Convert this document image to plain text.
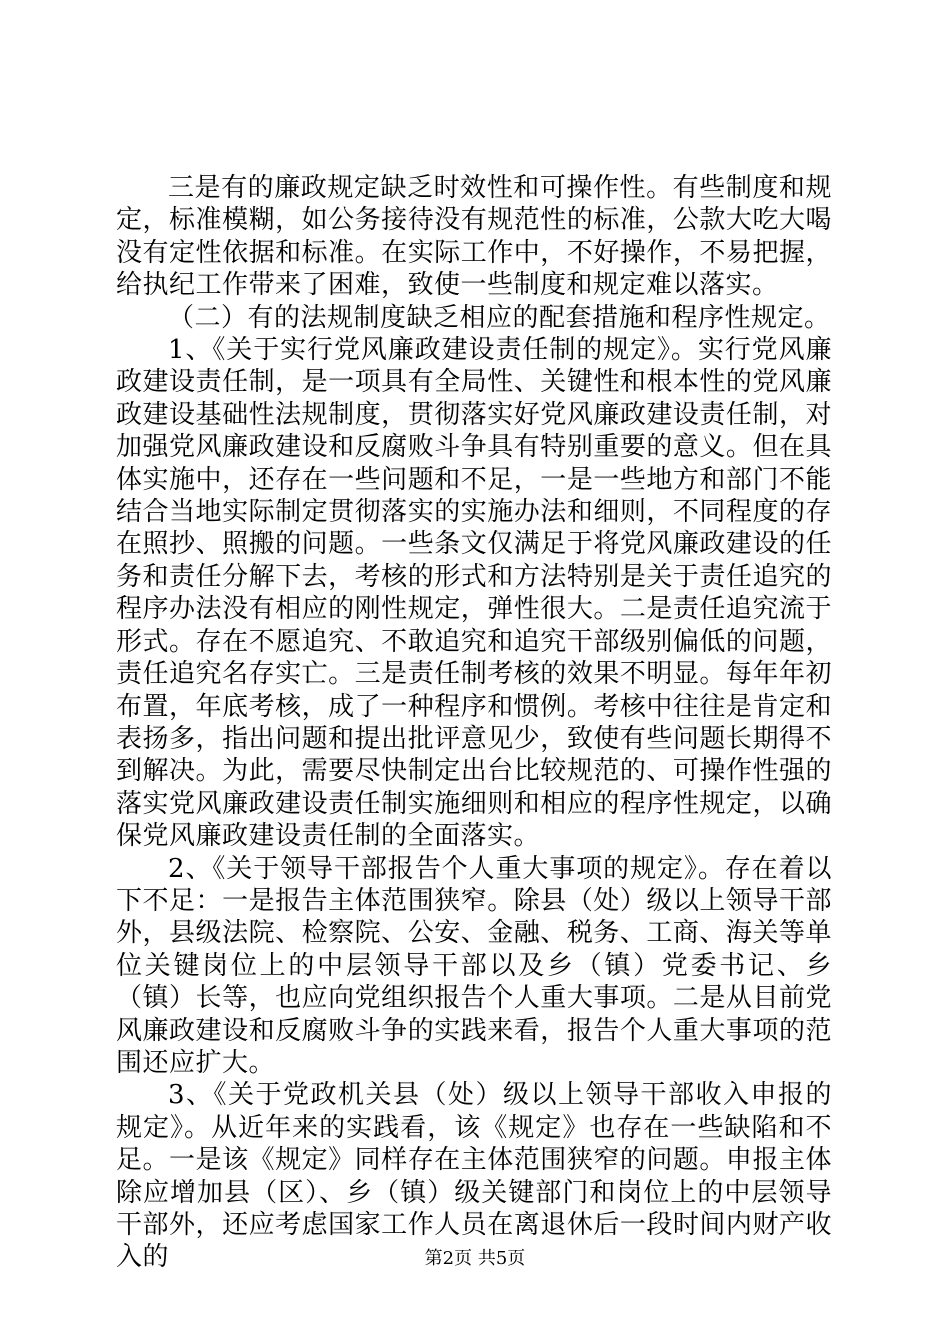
三是有的廉政规定缺乏时效性和可操作性。有些制度和规定，标准模糊，如公务接待没有规范性的标准，公款大吃大喝没有定性依据和标准。在实际工作中，不好操作，不易把握，给执纪工作带来了困难，致使一些制度和规定难以落实。

（二）有的法规制度缺乏相应的配套措施和程序性规定。

1、《关于实行党风廉政建设责任制的规定》。实行党风廉政建设责任制，是一项具有全局性、关键性和根本性的党风廉政建设基础性法规制度，贯彻落实好党风廉政建设责任制，对加强党风廉政建设和反腐败斗争具有特别重要的意义。但在具体实施中，还存在一些问题和不足，一是一些地方和部门不能结合当地实际制定贯彻落实的实施办法和细则，不同程度的存在照抄、照搬的问题。一些条文仅满足于将党风廉政建设的任务和责任分解下去，考核的形式和方法特别是关于责任追究的程序办法没有相应的刚性规定，弹性很大。二是责任追究流于形式。存在不愿追究、不敢追究和追究干部级别偏低的问题，责任追究名存实亡。三是责任制考核的效果不明显。每年年初布置，年底考核，成了一种程序和惯例。考核中往往是肯定和表扬多，指出问题和提出批评意见少，致使有些问题长期得不到解决。为此，需要尽快制定出台比较规范的、可操作性强的落实党风廉政建设责任制实施细则和相应的程序性规定，以确保党风廉政建设责任制的全面落实。

2、《关于领导干部报告个人重大事项的规定》。存在着以下不足：一是报告主体范围狭窄。除县（处）级以上领导干部外，县级法院、检察院、公安、金融、税务、工商、海关等单位关键岗位上的中层领导干部以及乡（镇）党委书记、乡（镇）长等，也应向党组织报告个人重大事项。二是从目前党风廉政建设和反腐败斗争的实践来看，报告个人重大事项的范围还应扩大。

3、《关于党政机关县（处）级以上领导干部收入申报的规定》。从近年来的实践看，该《规定》也存在一些缺陷和不足。一是该《规定》同样存在主体范围狭窄的问题。申报主体除应增加县（区）、乡（镇）级关键部门和岗位上的中层领导干部外，还应考虑国家工作人员在离退休后一段时间内财产收入的	第2页 共5页
